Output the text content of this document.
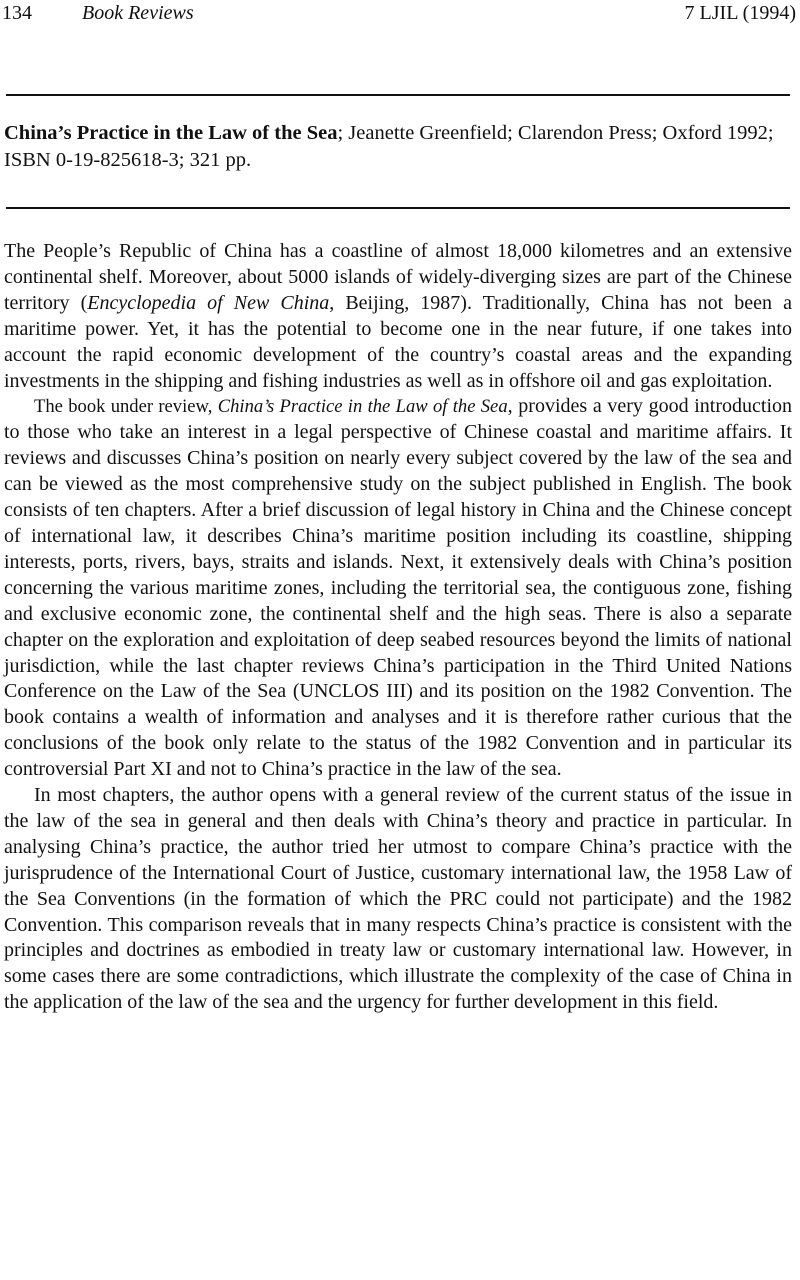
134	Book Reviews	7 LJIL (1994)
China’s Practice in the Law of the Sea; Jeanette Greenfield; Clarendon Press; Oxford 1992; ISBN 0-19-825618-3; 321 pp.

The People’s Republic of China has a coastline of almost 18,000 kilometres and an extensive continental shelf. Moreover, about 5000 islands of widely-diverging sizes are part of the Chinese territory (Encyclopedia of New China, Beijing, 1987). Traditionally, China has not been a maritime power. Yet, it has the potential to become one in the near future, if one takes into account the rapid economic development of the country’s coastal areas and the expanding investments in the shipping and fishing industries as well as in offshore oil and gas exploitation.

The book under review, China’s Practice in the Law of the Sea, provides a very good introduction to those who take an interest in a legal perspective of Chinese coastal and maritime affairs. It reviews and discusses China’s position on nearly every subject covered by the law of the sea and can be viewed as the most comprehensive study on the subject published in English. The book consists of ten chapters. After a brief discussion of legal history in China and the Chinese concept of international law, it describes China’s maritime position including its coastline, shipping interests, ports, rivers, bays, straits and islands. Next, it extensively deals with China’s position concerning the various maritime zones, including the territorial sea, the contiguous zone, fishing and exclusive economic zone, the continental shelf and the high seas. There is also a separate chapter on the exploration and exploitation of deep seabed resources beyond the limits of national jurisdiction, while the last chapter reviews China’s participation in the Third United Nations Conference on the Law of the Sea (UNCLOS III) and its position on the 1982 Convention. The book contains a wealth of information and analyses and it is therefore rather curious that the conclusions of the book only relate to the status of the 1982 Convention and in particular its controversial Part XI and not to China’s practice in the law of the sea.

In most chapters, the author opens with a general review of the current status of the issue in the law of the sea in general and then deals with China’s theory and practice in particular. In analysing China’s practice, the author tried her utmost to compare China’s practice with the jurisprudence of the International Court of Justice, customary international law, the 1958 Law of the Sea Conventions (in the formation of which the PRC could not participate) and the 1982 Convention. This comparison reveals that in many respects China’s practice is consistent with the principles and doctrines as embodied in treaty law or customary international law. However, in some cases there are some contradictions, which illustrate the complexity of the case of China in the application of the law of the sea and the urgency for further development in this field.
